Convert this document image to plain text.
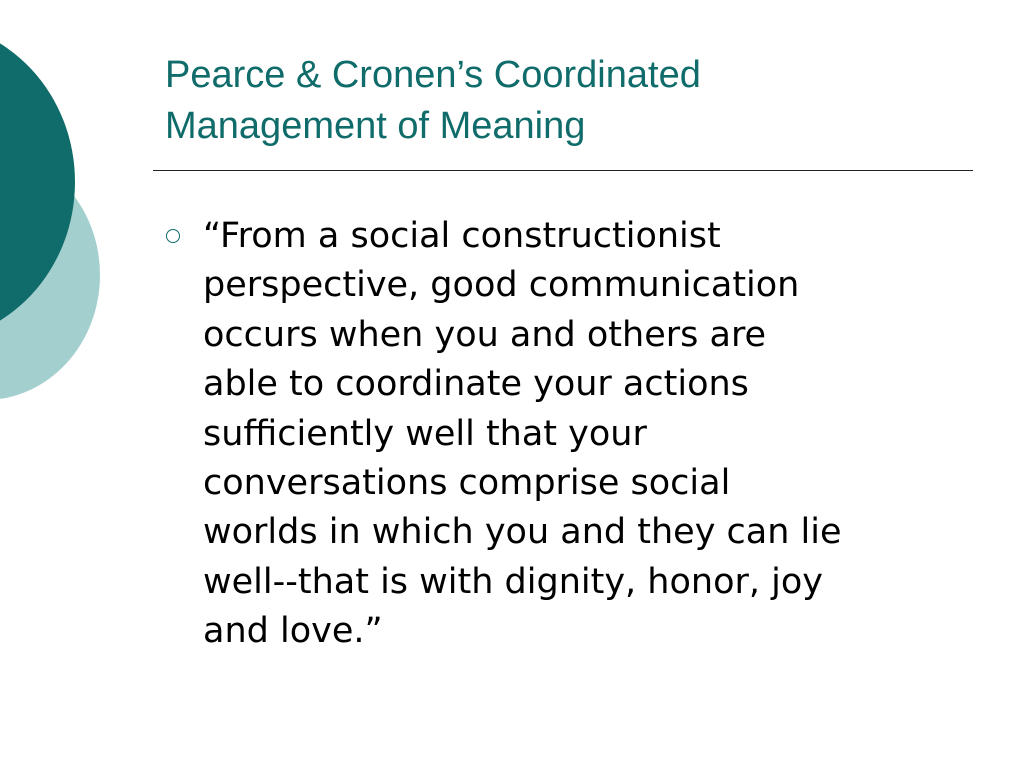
Pearce & Cronen’s Coordinated
Management of Meaning
“From a social constructionist
perspective, good communication
occurs when you and others are
able to coordinate your actions
sufficiently well that your
conversations comprise social
worlds in which you and they can lie
well--that is with dignity, honor, joy
and love.”
